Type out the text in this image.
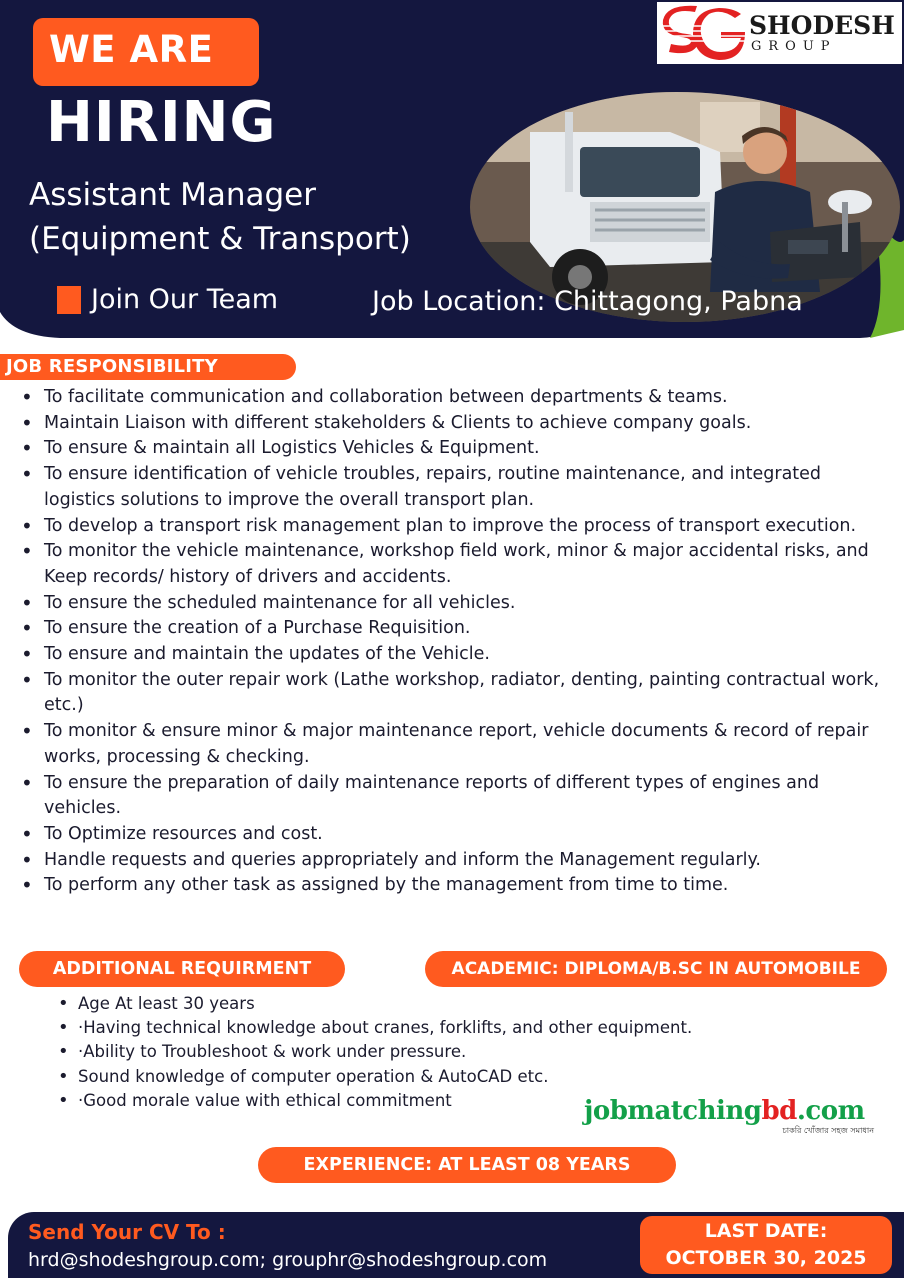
WE ARE
HIRING
Assistant Manager
(Equipment & Transport)
Join Our Team	Job Location: Chittagong, Pabna
SHODESH
GROUP
JOB RESPONSIBILITY
• To facilitate communication and collaboration between departments & teams.
• Maintain Liaison with different stakeholders & Clients to achieve company goals.
• To ensure & maintain all Logistics Vehicles & Equipment.
• To ensure identification of vehicle troubles, repairs, routine maintenance, and integrated logistics solutions to improve the overall transport plan.
• To develop a transport risk management plan to improve the process of transport execution.
• To monitor the vehicle maintenance, workshop field work, minor & major accidental risks, and Keep records/ history of drivers and accidents.
• To ensure the scheduled maintenance for all vehicles.
• To ensure the creation of a Purchase Requisition.
• To ensure and maintain the updates of the Vehicle.
• To monitor the outer repair work (Lathe workshop, radiator, denting, painting contractual work, etc.)
• To monitor & ensure minor & major maintenance report, vehicle documents & record of repair works, processing & checking.
• To ensure the preparation of daily maintenance reports of different types of engines and vehicles.
• To Optimize resources and cost.
• Handle requests and queries appropriately and inform the Management regularly.
• To perform any other task as assigned by the management from time to time.
ADDITIONAL REQUIRMENT	ACADEMIC: DIPLOMA/B.SC IN AUTOMOBILE
• Age At least 30 years
• ·Having technical knowledge about cranes, forklifts, and other equipment.
• ·Ability to Troubleshoot & work under pressure.
• Sound knowledge of computer operation & AutoCAD etc.
• ·Good morale value with ethical commitment	jobmatchingbd.com
চাকরি খোঁজার সহজ সমাধান
EXPERIENCE: AT LEAST 08 YEARS
Send Your CV To :
hrd@shodeshgroup.com; grouphr@shodeshgroup.com
LAST DATE:
OCTOBER 30, 2025
